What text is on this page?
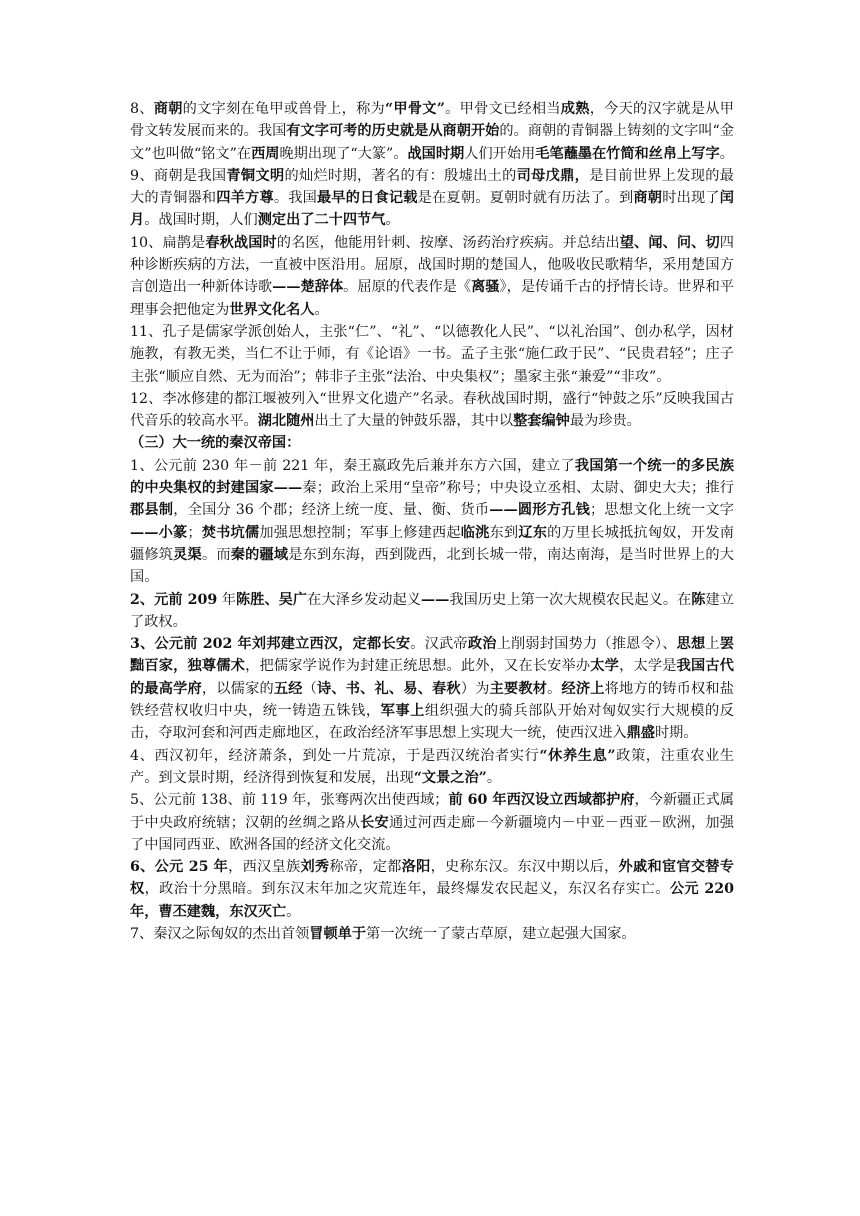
8、商朝的文字刻在龟甲或兽骨上，称为“甲骨文”。甲骨文已经相当成熟，今天的汉字就是从甲骨文转发展而来的。我国有文字可考的历史就是从商朝开始的。商朝的青铜器上铸刻的文字叫“金文”也叫做“铭文”在西周晚期出现了“大篆”。战国时期人们开始用毛笔蘸墨在竹简和丝帛上写字。

9、商朝是我国青铜文明的灿烂时期，著名的有：殷墟出土的司母戊鼎，是目前世界上发现的最大的青铜器和四羊方尊。我国最早的日食记载是在夏朝。夏朝时就有历法了。到商朝时出现了闰月。战国时期，人们测定出了二十四节气。

10、扁鹊是春秋战国时的名医，他能用针刺、按摩、汤药治疗疾病。并总结出望、闻、问、切四种诊断疾病的方法，一直被中医沿用。屈原，战国时期的楚国人，他吸收民歌精华，采用楚国方言创造出一种新体诗歌——楚辞体。屈原的代表作是《离骚》，是传诵千古的抒情长诗。世界和平理事会把他定为世界文化名人。

11、孔子是儒家学派创始人，主张“仁”、“礼”、“以德教化人民”、“以礼治国”、创办私学，因材施教，有教无类，当仁不让于师，有《论语》一书。孟子主张“施仁政于民”、“民贵君轻”；庄子主张“顺应自然、无为而治”；韩非子主张“法治、中央集权”；墨家主张“兼爱”“非攻”。

12、李冰修建的都江堰被列入“世界文化遗产”名录。春秋战国时期，盛行“钟鼓之乐”反映我国古代音乐的较高水平。湖北随州出土了大量的钟鼓乐器，其中以整套编钟最为珍贵。

（三）大一统的秦汉帝国：

1、公元前 230 年－前 221 年，秦王嬴政先后兼并东方六国，建立了我国第一个统一的多民族的中央集权的封建国家——秦；政治上采用“皇帝”称号；中央设立丞相、太尉、御史大夫；推行郡县制，全国分 36 个郡；经济上统一度、量、衡、货币——圆形方孔钱；思想文化上统一文字——小篆；焚书坑儒加强思想控制；军事上修建西起临洮东到辽东的万里长城抵抗匈奴，开发南疆修筑灵渠。而秦的疆域是东到东海，西到陇西，北到长城一带，南达南海，是当时世界上的大国。

2、元前 209 年陈胜、吴广在大泽乡发动起义——我国历史上第一次大规模农民起义。在陈建立了政权。

3、公元前 202 年刘邦建立西汉，定都长安。汉武帝政治上削弱封国势力（推恩令）、思想上罢黜百家，独尊儒术，把儒家学说作为封建正统思想。此外，又在长安举办太学，太学是我国古代的最高学府，以儒家的五经（诗、书、礼、易、春秋）为主要教材。经济上将地方的铸币权和盐铁经营权收归中央，统一铸造五铢钱，军事上组织强大的骑兵部队开始对匈奴实行大规模的反击，夺取河套和河西走廊地区，在政治经济军事思想上实现大一统，使西汉进入鼎盛时期。

4、西汉初年，经济萧条，到处一片荒凉，于是西汉统治者实行“休养生息”政策，注重农业生产。到文景时期，经济得到恢复和发展，出现“文景之治”。

5、公元前 138、前 119 年，张骞两次出使西域；前 60 年西汉设立西域都护府，今新疆正式属于中央政府统辖；汉朝的丝绸之路从长安通过河西走廊－今新疆境内－中亚－西亚－欧洲，加强了中国同西亚、欧洲各国的经济文化交流。

6、公元 25 年，西汉皇族刘秀称帝，定都洛阳，史称东汉。东汉中期以后，外戚和宦官交替专权，政治十分黑暗。到东汉末年加之灾荒连年，最终爆发农民起义，东汉名存实亡。公元 220 年，曹丕建魏，东汉灭亡。

7、秦汉之际匈奴的杰出首领冒顿单于第一次统一了蒙古草原，建立起强大国家。
